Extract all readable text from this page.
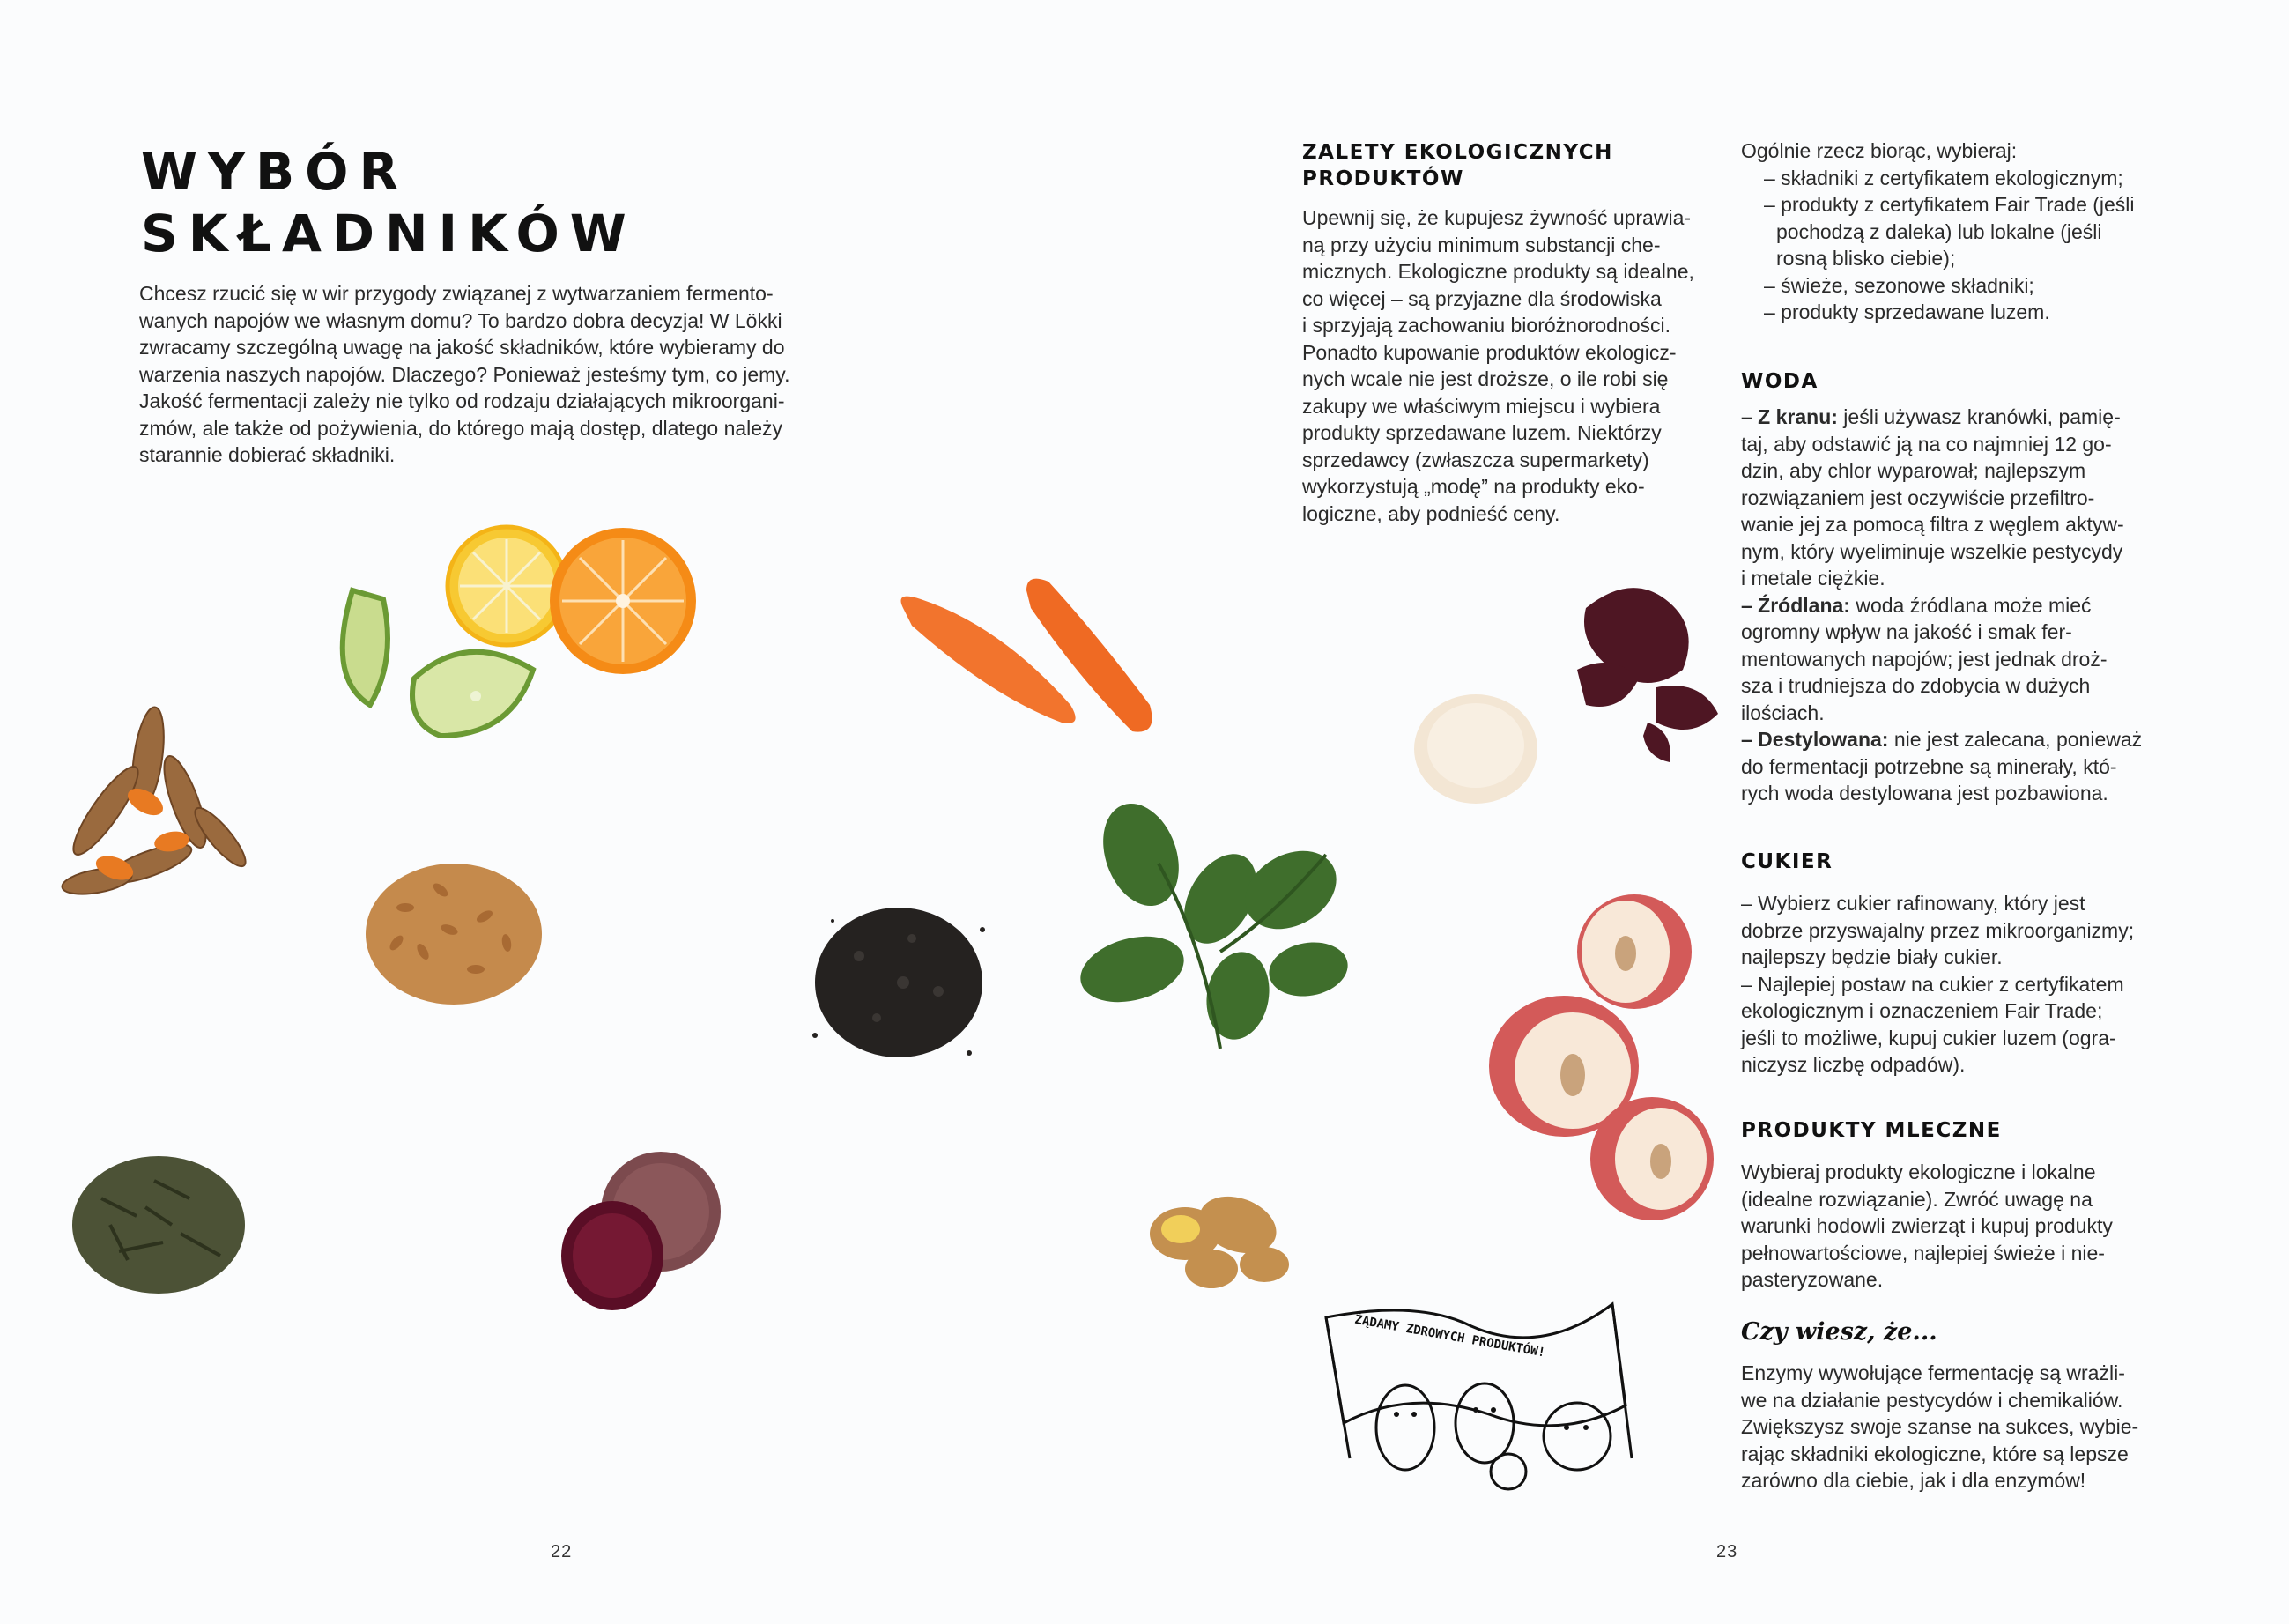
WYBÓR
SKŁADNIKÓW
Chcesz rzucić się w wir przygody związanej z wytwarzaniem fermento-
wanych napojów we własnym domu? To bardzo dobra decyzja! W Lökki
zwracamy szczególną uwagę na jakość składników, które wybieramy do
warzenia naszych napojów. Dlaczego? Ponieważ jesteśmy tym, co jemy.
Jakość fermentacji zależy nie tylko od rodzaju działających mikroorgani-
zmów, ale także od pożywienia, do którego mają dostęp, dlatego należy
starannie dobierać składniki.
ŻĄDAMY ZDROWYCH PRODUKTÓW!
22
ZALETY EKOLOGICZNYCH
PRODUKTÓW
Upewnij się, że kupujesz żywność uprawia-
ną przy użyciu minimum substancji che-
micznych. Ekologiczne produkty są idealne,
co więcej – są przyjazne dla środowiska
i sprzyjają zachowaniu bioróżnorodności.
Ponadto kupowanie produktów ekologicz-
nych wcale nie jest droższe, o ile robi się
zakupy we właściwym miejscu i wybiera
produkty sprzedawane luzem. Niektórzy
sprzedawcy (zwłaszcza supermarkety)
wykorzystują „modę” na produkty eko-
logiczne, aby podnieść ceny.
Ogólnie rzecz biorąc, wybieraj:
– składniki z certyfikatem ekologicznym;
– produkty z certyfikatem Fair Trade (jeśli
pochodzą z daleka) lub lokalne (jeśli
rosną blisko ciebie);
– świeże, sezonowe składniki;
– produkty sprzedawane luzem.
WODA
– Z kranu: jeśli używasz kranówki, pamię-
taj, aby odstawić ją na co najmniej 12 go-
dzin, aby chlor wyparował; najlepszym
rozwiązaniem jest oczywiście przefiltro-
wanie jej za pomocą filtra z węglem aktyw-
nym, który wyeliminuje wszelkie pestycydy
i metale ciężkie.
– Źródlana: woda źródlana może mieć
ogromny wpływ na jakość i smak fer-
mentowanych napojów; jest jednak droż-
sza i trudniejsza do zdobycia w dużych
ilościach.
– Destylowana: nie jest zalecana, ponieważ
do fermentacji potrzebne są minerały, któ-
rych woda destylowana jest pozbawiona.
CUKIER
– Wybierz cukier rafinowany, który jest
dobrze przyswajalny przez mikroorganizmy;
najlepszy będzie biały cukier.
– Najlepiej postaw na cukier z certyfikatem
ekologicznym i oznaczeniem Fair Trade;
jeśli to możliwe, kupuj cukier luzem (ogra-
niczysz liczbę odpadów).
PRODUKTY MLECZNE
Wybieraj produkty ekologiczne i lokalne
(idealne rozwiązanie). Zwróć uwagę na
warunki hodowli zwierząt i kupuj produkty
pełnowartościowe, najlepiej świeże i nie-
pasteryzowane.
Czy wiesz, że...
Enzymy wywołujące fermentację są wrażli-
we na działanie pestycydów i chemikaliów.
Zwiększysz swoje szanse na sukces, wybie-
rając składniki ekologiczne, które są lepsze
zarówno dla ciebie, jak i dla enzymów!
23
